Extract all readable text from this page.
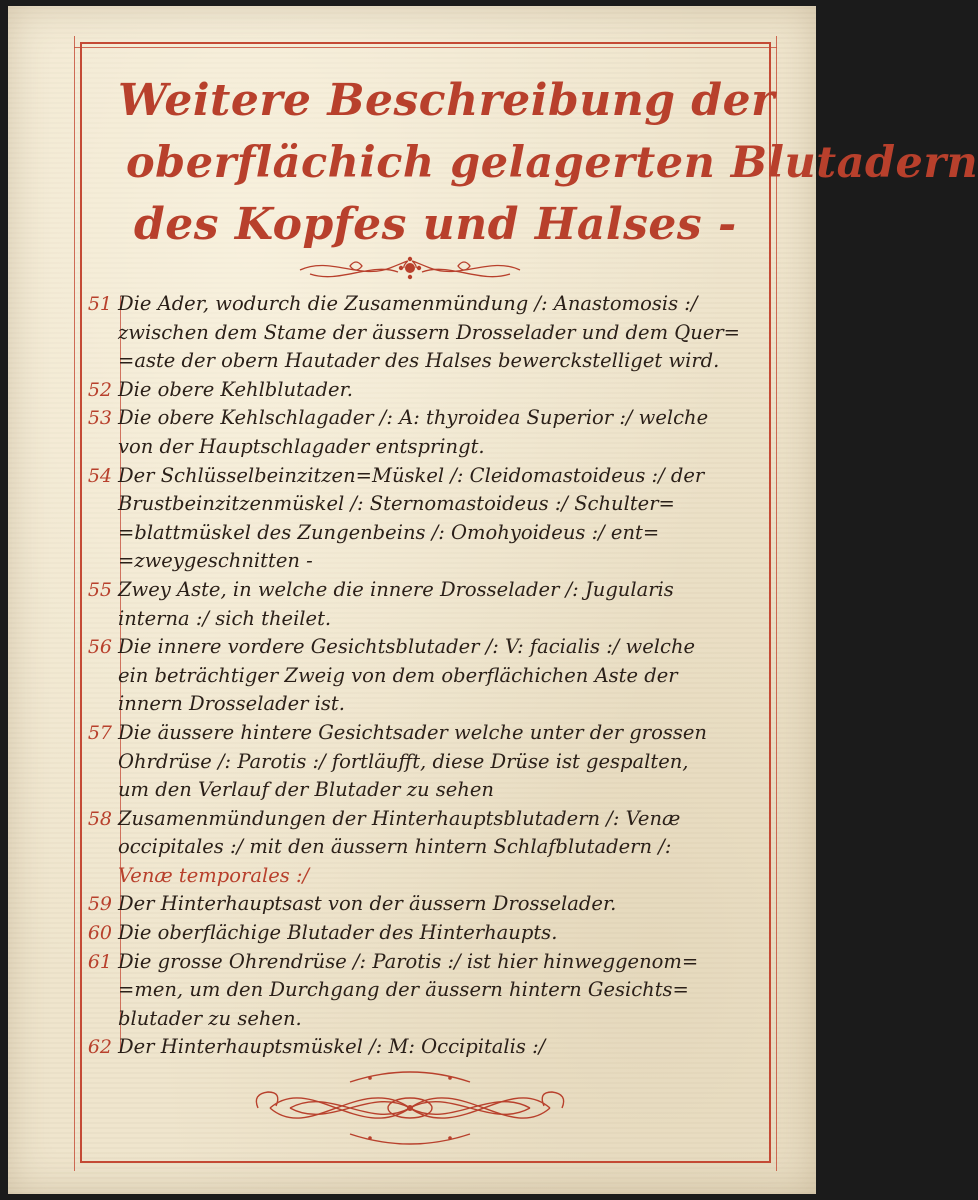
Weitere Beschreibung der
oberflächich gelagerten Blutadern
des Kopfes und Halses -
51 Die Ader, wodurch die Zusamenmündung /: Anastomosis :/
zwischen dem Stame der äussern Drosselader und dem Quer=
=aste der obern Hautader des Halses bewerckstelliget wird.
52 Die obere Kehlblutader.
53 Die obere Kehlschlagader /: A: thyroidea Superior :/ welche
von der Hauptschlagader entspringt.
54 Der Schlüsselbeinzitzen=Müskel /: Cleidomastoideus :/ der
Brustbeinzitzenmüskel /: Sternomastoideus :/ Schulter=
=blattmüskel des Zungenbeins /: Omohyoideus :/ ent=
=zweygeschnitten -
55 Zwey Aste, in welche die innere Drosselader /: Jugularis
interna :/ sich theilet.
56 Die innere vordere Gesichtsblutader /: V: facialis :/ welche
ein beträchtiger Zweig von dem oberflächichen Aste der
innern Drosselader ist.
57 Die äussere hintere Gesichtsader welche unter der grossen
Ohrdrüse /: Parotis :/ fortläufft, diese Drüse ist gespalten,
um den Verlauf der Blutader zu sehen
58 Zusamenmündungen der Hinterhauptsblutadern /: Venæ
occipitales :/ mit den äussern hintern Schlafblutadern /:
Venæ temporales :/
59 Der Hinterhauptsast von der äussern Drosselader.
60 Die oberflächige Blutader des Hinterhaupts.
61 Die grosse Ohrendrüse /: Parotis :/ ist hier hinweggenom=
=men, um den Durchgang der äussern hintern Gesichts=
blutader zu sehen.
62 Der Hinterhauptsmüskel /: M: Occipitalis :/
